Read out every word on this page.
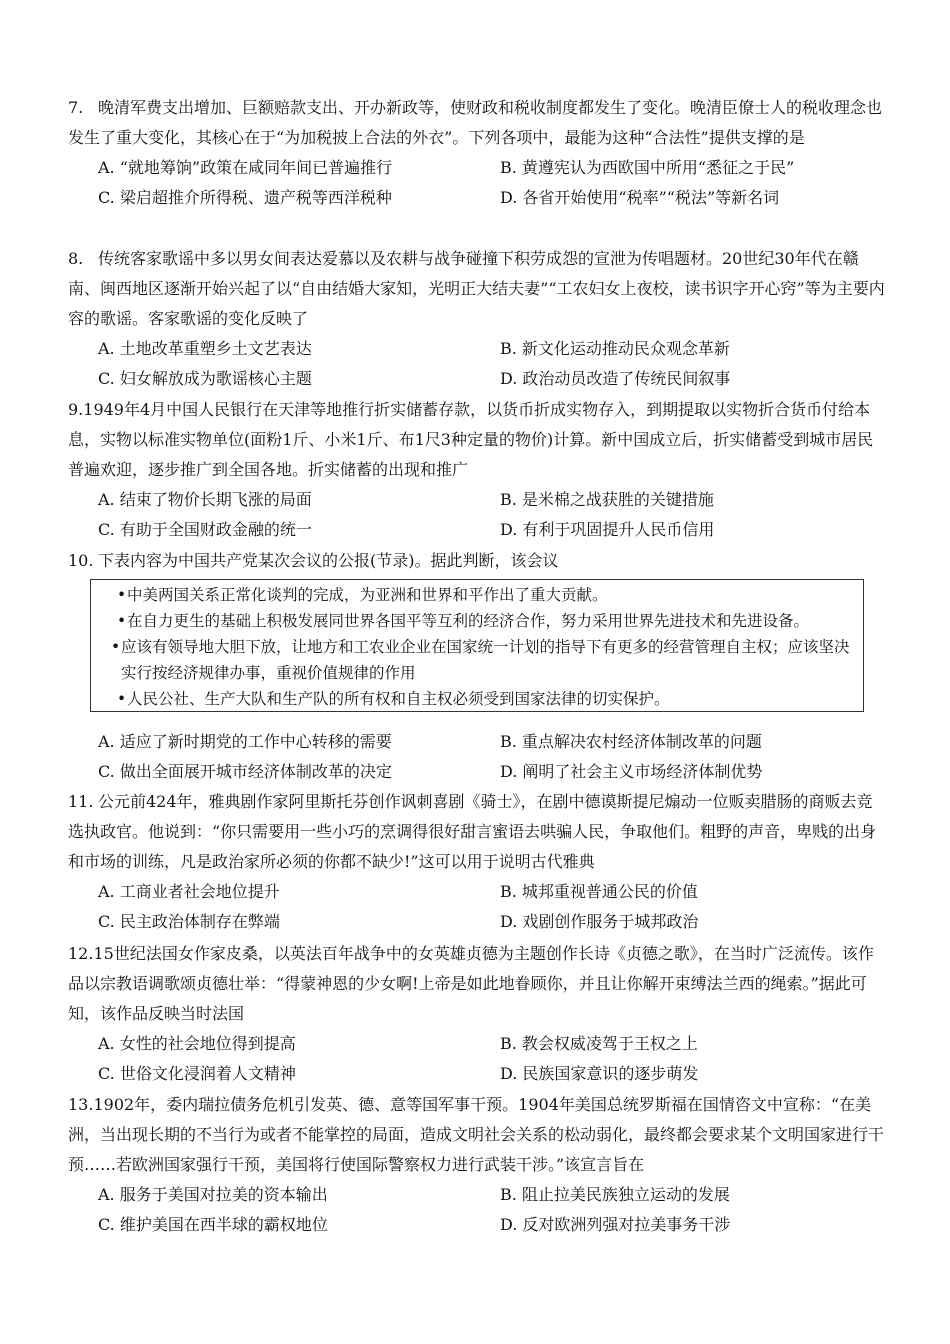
7. 晚清军费支出增加、巨额赔款支出、开办新政等，使财政和税收制度都发生了变化。晚清臣僚士人的税收理念也发生了重大变化，其核心在于“为加税披上合法的外衣”。下列各项中，最能为这种“合法性”提供支撑的是
A. “就地筹饷”政策在咸同年间已普遍推行	B. 黄遵宪认为西欧国中所用“悉征之于民”
C. 梁启超推介所得税、遗产税等西洋税种	D. 各省开始使用“税率”“税法”等新名词
8. 传统客家歌谣中多以男女间表达爱慕以及农耕与战争碰撞下积劳成怨的宣泄为传唱题材。20世纪30年代在赣南、闽西地区逐渐开始兴起了以“自由结婚大家知，光明正大结夫妻”“工农妇女上夜校，读书识字开心窍”等为主要内容的歌谣。客家歌谣的变化反映了
A. 土地改革重塑乡土文艺表达	B. 新文化运动推动民众观念革新
C. 妇女解放成为歌谣核心主题	D. 政治动员改造了传统民间叙事
9.1949年4月中国人民银行在天津等地推行折实储蓄存款，以货币折成实物存入，到期提取以实物折合货币付给本息，实物以标准实物单位(面粉1斤、小米1斤、布1尺3种定量的物价)计算。新中国成立后，折实储蓄受到城市居民普遍欢迎，逐步推广到全国各地。折实储蓄的出现和推广
A. 结束了物价长期飞涨的局面	B. 是米棉之战获胜的关键措施
C. 有助于全国财政金融的统一	D. 有利于巩固提升人民币信用
10. 下表内容为中国共产党某次会议的公报(节录)。据此判断，该会议
•中美两国关系正常化谈判的完成，为亚洲和世界和平作出了重大贡献。
•在自力更生的基础上积极发展同世界各国平等互利的经济合作，努力采用世界先进技术和先进设备。
•应该有领导地大胆下放，让地方和工农业企业在国家统一计划的指导下有更多的经营管理自主权；应该坚决实行按经济规律办事，重视价值规律的作用
•人民公社、生产大队和生产队的所有权和自主权必须受到国家法律的切实保护。
A. 适应了新时期党的工作中心转移的需要	B. 重点解决农村经济体制改革的问题
C. 做出全面展开城市经济体制改革的决定	D. 阐明了社会主义市场经济体制优势
11. 公元前424年，雅典剧作家阿里斯托芬创作讽刺喜剧《骑士》，在剧中德谟斯提尼煽动一位贩卖腊肠的商贩去竞选执政官。他说到：“你只需要用一些小巧的烹调得很好甜言蜜语去哄骗人民，争取他们。粗野的声音，卑贱的出身和市场的训练，凡是政治家所必须的你都不缺少!”这可以用于说明古代雅典
A. 工商业者社会地位提升	B. 城邦重视普通公民的价值
C. 民主政治体制存在弊端	D. 戏剧创作服务于城邦政治
12.15世纪法国女作家皮桑，以英法百年战争中的女英雄贞德为主题创作长诗《贞德之歌》，在当时广泛流传。该作品以宗教语调歌颂贞德壮举：“得蒙神恩的少女啊!上帝是如此地眷顾你，并且让你解开束缚法兰西的绳索。”据此可知，该作品反映当时法国
A. 女性的社会地位得到提高	B. 教会权威凌驾于王权之上
C. 世俗文化浸润着人文精神	D. 民族国家意识的逐步萌发
13.1902年，委内瑞拉债务危机引发英、德、意等国军事干预。1904年美国总统罗斯福在国情咨文中宣称：“在美洲，当出现长期的不当行为或者不能掌控的局面，造成文明社会关系的松动弱化，最终都会要求某个文明国家进行干预……若欧洲国家强行干预，美国将行使国际警察权力进行武装干涉。”该宣言旨在
A. 服务于美国对拉美的资本输出	B. 阻止拉美民族独立运动的发展
C. 维护美国在西半球的霸权地位	D. 反对欧洲列强对拉美事务干涉
